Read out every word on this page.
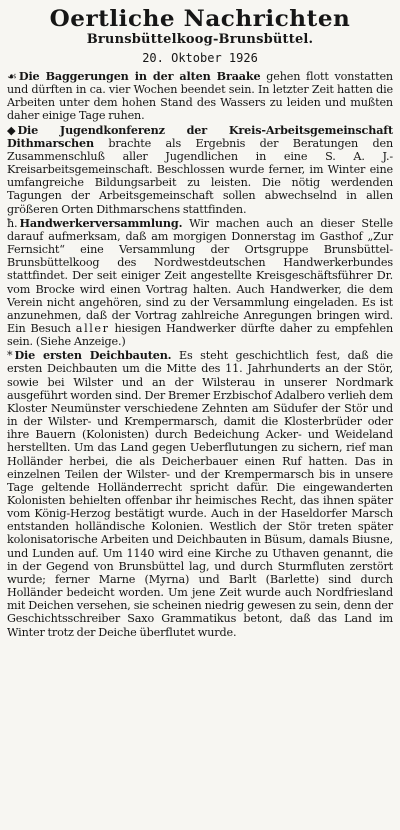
Oertliche Nachrichten
Brunsbüttelkoog-Brunsbüttel.
20. Oktober 1926

☙ Die Baggerungen in der alten Braake gehen flott vonstatten und dürften in ca. vier Wochen beendet sein. In letzter Zeit hatten die Arbeiten unter dem hohen Stand des Wassers zu leiden und mußten daher einige Tage ruhen.

◆ Die Jugendkonferenz der Kreis-Arbeitsgemeinschaft Dithmarschen brachte als Ergebnis der Beratungen den Zusammenschluß aller Jugendlichen in eine S. A. J.-Kreisarbeitsgemeinschaft. Beschlossen wurde ferner, im Winter eine umfangreiche Bildungsarbeit zu leisten. Die nötig werdenden Tagungen der Arbeitsgemeinschaft sollen abwechselnd in allen größeren Orten Dithmarschens stattfinden.

ħ. Handwerkerversammlung. Wir machen auch an dieser Stelle darauf aufmerksam, daß am morgigen Donnerstag im Gasthof „Zur Fernsicht“ eine Versammlung der Ortsgruppe Brunsbüttel-Brunsbüttelkoog des Nordwestdeutschen Handwerkerbundes stattfindet. Der seit einiger Zeit angestellte Kreisgeschäftsführer Dr. vom Brocke wird einen Vortrag halten. Auch Handwerker, die dem Verein nicht angehören, sind zu der Versammlung eingeladen. Es ist anzunehmen, daß der Vortrag zahlreiche Anregungen bringen wird. Ein Besuch aller hiesigen Handwerker dürfte daher zu empfehlen sein. (Siehe Anzeige.)

* Die ersten Deichbauten. Es steht geschichtlich fest, daß die ersten Deichbauten um die Mitte des 11. Jahrhunderts an der Stör, sowie bei Wilster und an der Wilsterau in unserer Nordmark ausgeführt worden sind. Der Bremer Erzbischof Adalbero verlieh dem Kloster Neumünster verschiedene Zehnten am Südufer der Stör und in der Wilster- und Krempermarsch, damit die Klosterbrüder oder ihre Bauern (Kolonisten) durch Bedeichung Acker- und Weideland herstellten. Um das Land gegen Ueberflutungen zu sichern, rief man Holländer herbei, die als Deicherbauer einen Ruf hatten. Das in einzelnen Teilen der Wilster- und der Krempermarsch bis in unsere Tage geltende Holländerrecht spricht dafür. Die eingewanderten Kolonisten behielten offenbar ihr heimisches Recht, das ihnen später vom König-Herzog bestätigt wurde. Auch in der Haseldorfer Marsch entstanden holländische Kolonien. Westlich der Stör treten später kolonisatorische Arbeiten und Deichbauten in Büsum, damals Biusne, und Lunden auf. Um 1140 wird eine Kirche zu Uthaven genannt, die in der Gegend von Brunsbüttel lag, und durch Sturmfluten zerstört wurde; ferner Marne (Myrna) und Barlt (Barlette) sind durch Holländer bedeicht worden. Um jene Zeit wurde auch Nordfriesland mit Deichen versehen, sie scheinen niedrig gewesen zu sein, denn der Geschichtsschreiber Saxo Grammatikus betont, daß das Land im Winter trotz der Deiche überflutet wurde.
